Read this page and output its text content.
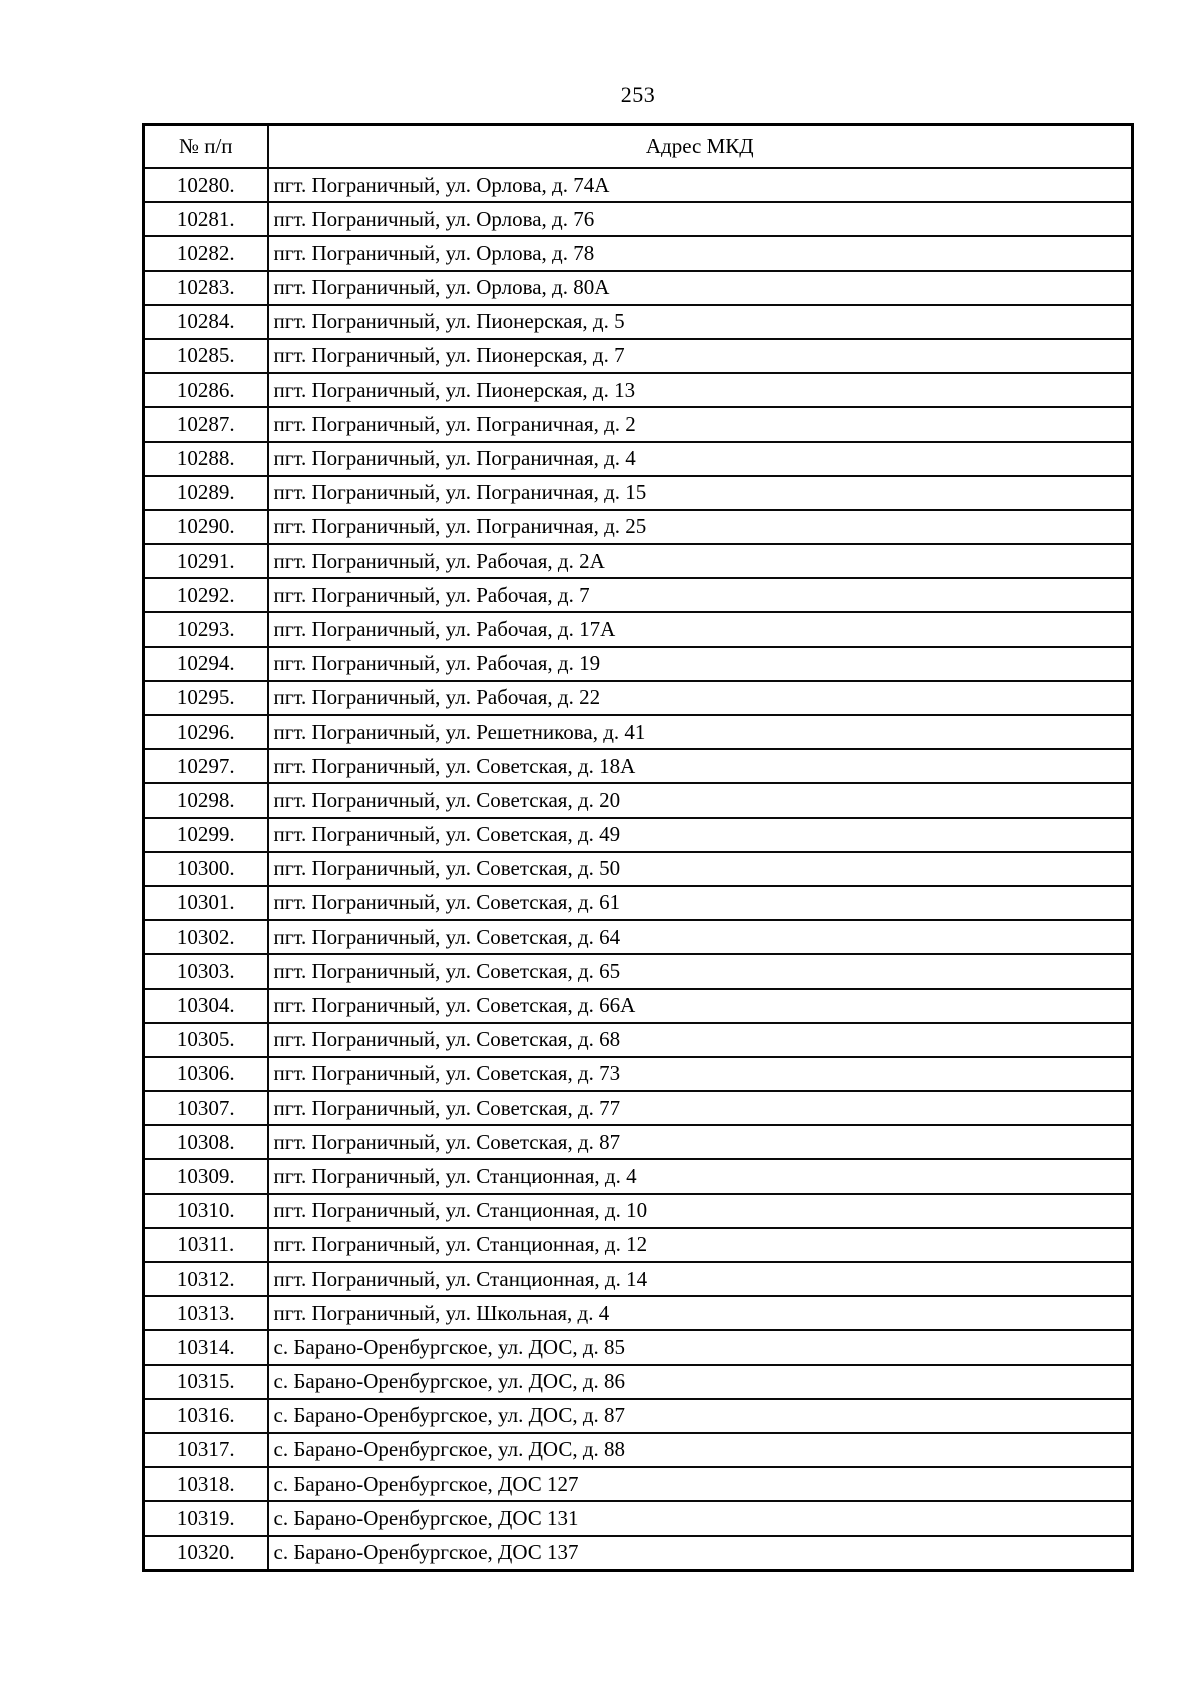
253
№ п/п	Адрес МКД
10280.	пгт. Пограничный, ул. Орлова, д. 74А
10281.	пгт. Пограничный, ул. Орлова, д. 76
10282.	пгт. Пограничный, ул. Орлова, д. 78
10283.	пгт. Пограничный, ул. Орлова, д. 80А
10284.	пгт. Пограничный, ул. Пионерская, д. 5
10285.	пгт. Пограничный, ул. Пионерская, д. 7
10286.	пгт. Пограничный, ул. Пионерская, д. 13
10287.	пгт. Пограничный, ул. Пограничная, д. 2
10288.	пгт. Пограничный, ул. Пограничная, д. 4
10289.	пгт. Пограничный, ул. Пограничная, д. 15
10290.	пгт. Пограничный, ул. Пограничная, д. 25
10291.	пгт. Пограничный, ул. Рабочая, д. 2А
10292.	пгт. Пограничный, ул. Рабочая, д. 7
10293.	пгт. Пограничный, ул. Рабочая, д. 17А
10294.	пгт. Пограничный, ул. Рабочая, д. 19
10295.	пгт. Пограничный, ул. Рабочая, д. 22
10296.	пгт. Пограничный, ул. Решетникова, д. 41
10297.	пгт. Пограничный, ул. Советская, д. 18А
10298.	пгт. Пограничный, ул. Советская, д. 20
10299.	пгт. Пограничный, ул. Советская, д. 49
10300.	пгт. Пограничный, ул. Советская, д. 50
10301.	пгт. Пограничный, ул. Советская, д. 61
10302.	пгт. Пограничный, ул. Советская, д. 64
10303.	пгт. Пограничный, ул. Советская, д. 65
10304.	пгт. Пограничный, ул. Советская, д. 66А
10305.	пгт. Пограничный, ул. Советская, д. 68
10306.	пгт. Пограничный, ул. Советская, д. 73
10307.	пгт. Пограничный, ул. Советская, д. 77
10308.	пгт. Пограничный, ул. Советская, д. 87
10309.	пгт. Пограничный, ул. Станционная, д. 4
10310.	пгт. Пограничный, ул. Станционная, д. 10
10311.	пгт. Пограничный, ул. Станционная, д. 12
10312.	пгт. Пограничный, ул. Станционная, д. 14
10313.	пгт. Пограничный, ул. Школьная, д. 4
10314.	с. Барано-Оренбургское, ул. ДОС, д. 85
10315.	с. Барано-Оренбургское, ул. ДОС, д. 86
10316.	с. Барано-Оренбургское, ул. ДОС, д. 87
10317.	с. Барано-Оренбургское, ул. ДОС, д. 88
10318.	с. Барано-Оренбургское, ДОС 127
10319.	с. Барано-Оренбургское, ДОС 131
10320.	с. Барано-Оренбургское, ДОС 137
